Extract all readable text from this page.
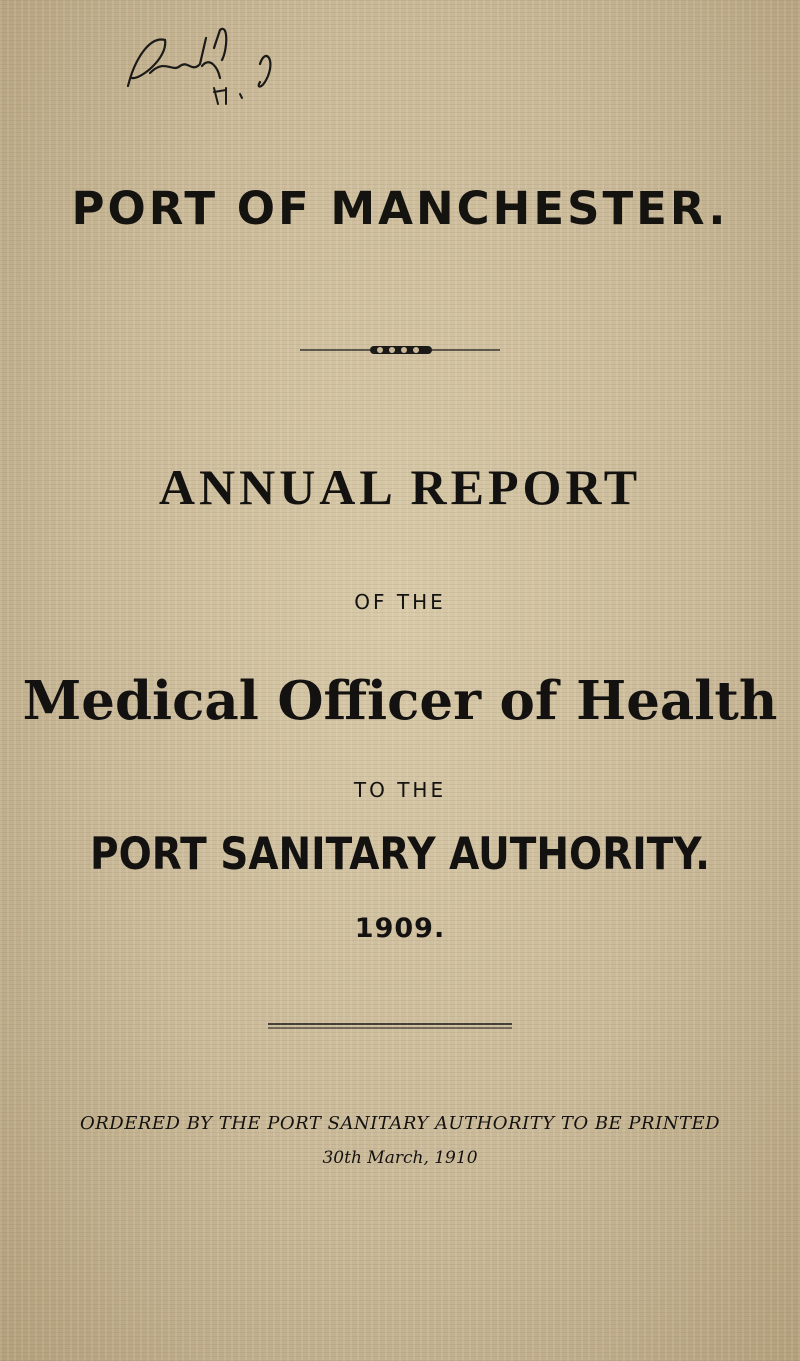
PORT OF MANCHESTER.
ANNUAL REPORT
OF THE
Medical Officer of Health
TO THE
PORT SANITARY AUTHORITY.
1909.
ORDERED BY THE PORT SANITARY AUTHORITY TO BE PRINTED
30th March, 1910
